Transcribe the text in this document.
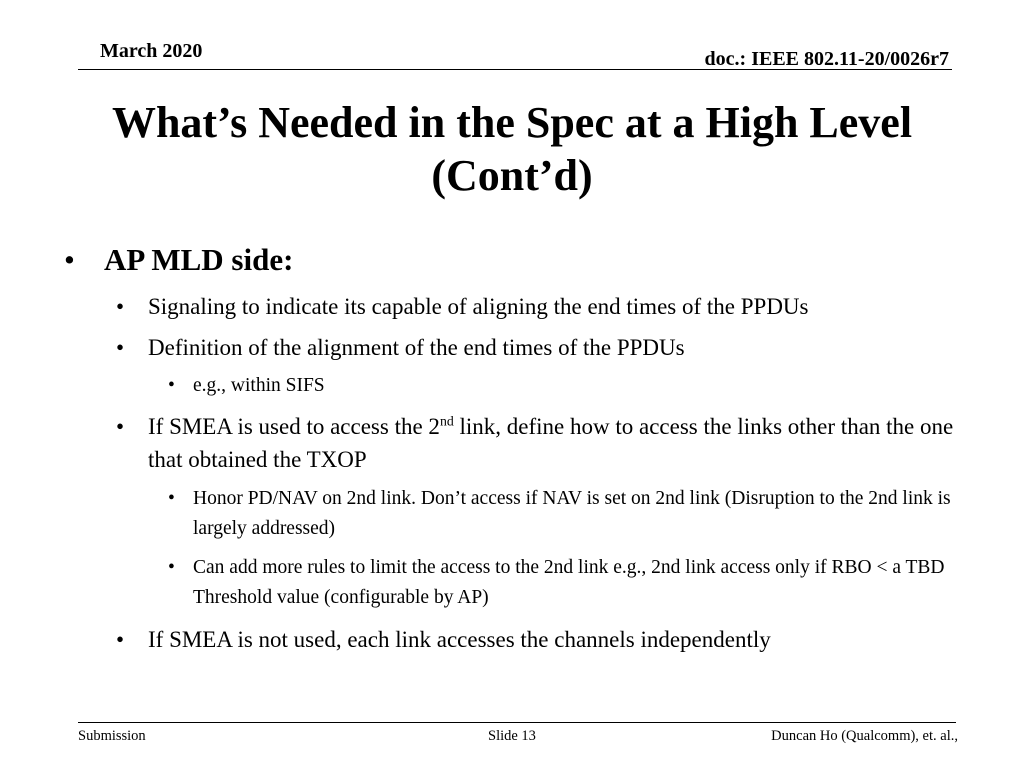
March 2020	doc.: IEEE 802.11-20/0026r7
What’s Needed in the Spec at a High Level
(Cont’d)
• AP MLD side:
• Signaling to indicate its capable of aligning the end times of the PPDUs
• Definition of the alignment of the end times of the PPDUs
• e.g., within SIFS
• If SMEA is used to access the 2nd link, define how to access the links other than the one that obtained the TXOP
• Honor PD/NAV on 2nd link. Don’t access if NAV is set on 2nd link (Disruption to the 2nd link is largely addressed)
• Can add more rules to limit the access to the 2nd link e.g., 2nd link access only if RBO < a TBD Threshold value (configurable by AP)
• If SMEA is not used, each link accesses the channels independently
Submission	Slide 13	Duncan Ho (Qualcomm), et. al.,
